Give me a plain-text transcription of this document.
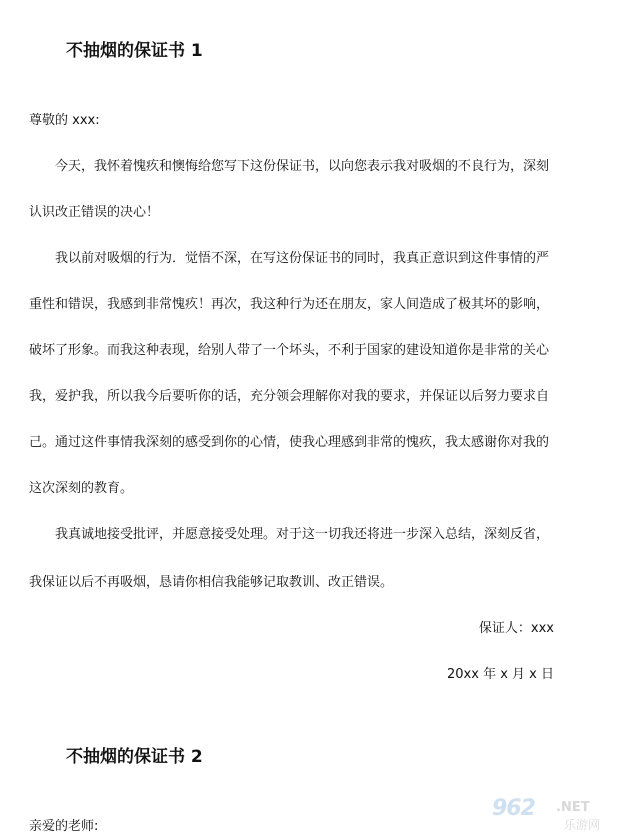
不抽烟的保证书 1

尊敬的 xxx:

今天，我怀着愧疚和懊悔给您写下这份保证书，以向您表示我对吸烟的不良行为，深刻

认识改正错误的决心！

我以前对吸烟的行为．觉悟不深，在写这份保证书的同时，我真正意识到这件事情的严

重性和错误，我感到非常愧疚！再次，我这种行为还在朋友，家人间造成了极其坏的影响，

破坏了形象。而我这种表现，给别人带了一个坏头，不利于国家的建设知道你是非常的关心

我，爱护我，所以我今后要听你的话，充分领会理解你对我的要求，并保证以后努力要求自

己。通过这件事情我深刻的感受到你的心情，使我心理感到非常的愧疚，我太感谢你对我的

这次深刻的教育。

我真诚地接受批评，并愿意接受处理。对于这一切我还将进一步深入总结，深刻反省，

我保证以后不再吸烟，恳请你相信我能够记取教训、改正错误。

保证人：xxx

20xx 年 x 月 x 日

不抽烟的保证书 2

亲爱的老师:

962 .NET
乐游网
